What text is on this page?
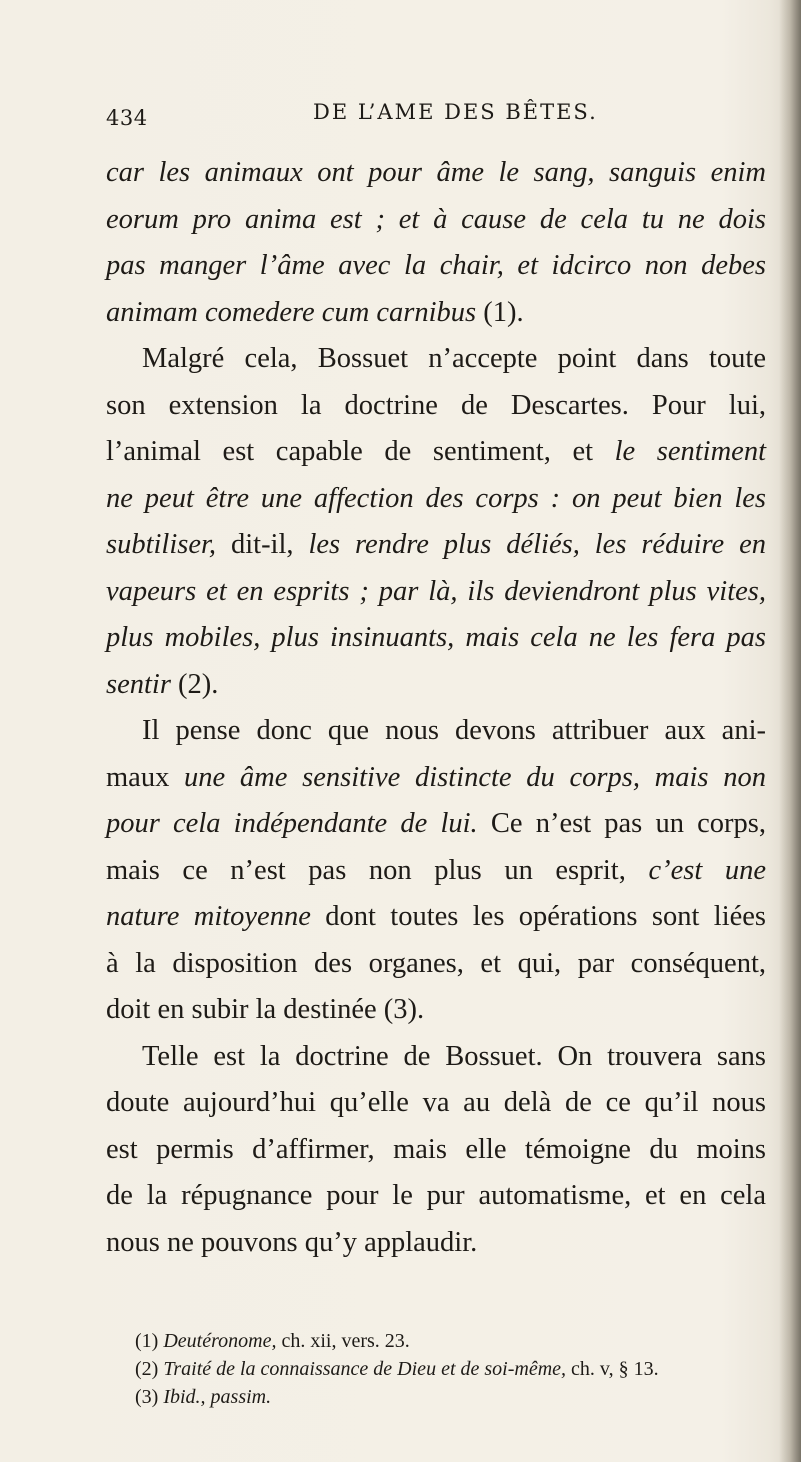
434	DE L’AME DES BÊTES.
car les animaux ont pour âme le sang, sanguis enim
eorum pro anima est ; et à cause de cela tu ne dois
pas manger l’âme avec la chair, et idcirco non debes
animam comedere cum carnibus (1).
Malgré cela, Bossuet n’accepte point dans toute
son extension la doctrine de Descartes. Pour lui,
l’animal est capable de sentiment, et le sentiment
ne peut être une affection des corps : on peut bien les
subtiliser, dit-il, les rendre plus déliés, les réduire en
vapeurs et en esprits ; par là, ils deviendront plus vites,
plus mobiles, plus insinuants, mais cela ne les fera pas
sentir (2).
Il pense donc que nous devons attribuer aux ani-
maux une âme sensitive distincte du corps, mais non
pour cela indépendante de lui. Ce n’est pas un corps,
mais ce n’est pas non plus un esprit, c’est une
nature mitoyenne dont toutes les opérations sont liées
à la disposition des organes, et qui, par conséquent,
doit en subir la destinée (3).
Telle est la doctrine de Bossuet. On trouvera sans
doute aujourd’hui qu’elle va au delà de ce qu’il nous
est permis d’affirmer, mais elle témoigne du moins
de la répugnance pour le pur automatisme, et en cela
nous ne pouvons qu’y applaudir.
(1) Deutéronome, ch. xii, vers. 23.
(2) Traité de la connaissance de Dieu et de soi-même, ch. v, § 13.
(3) Ibid., passim.
